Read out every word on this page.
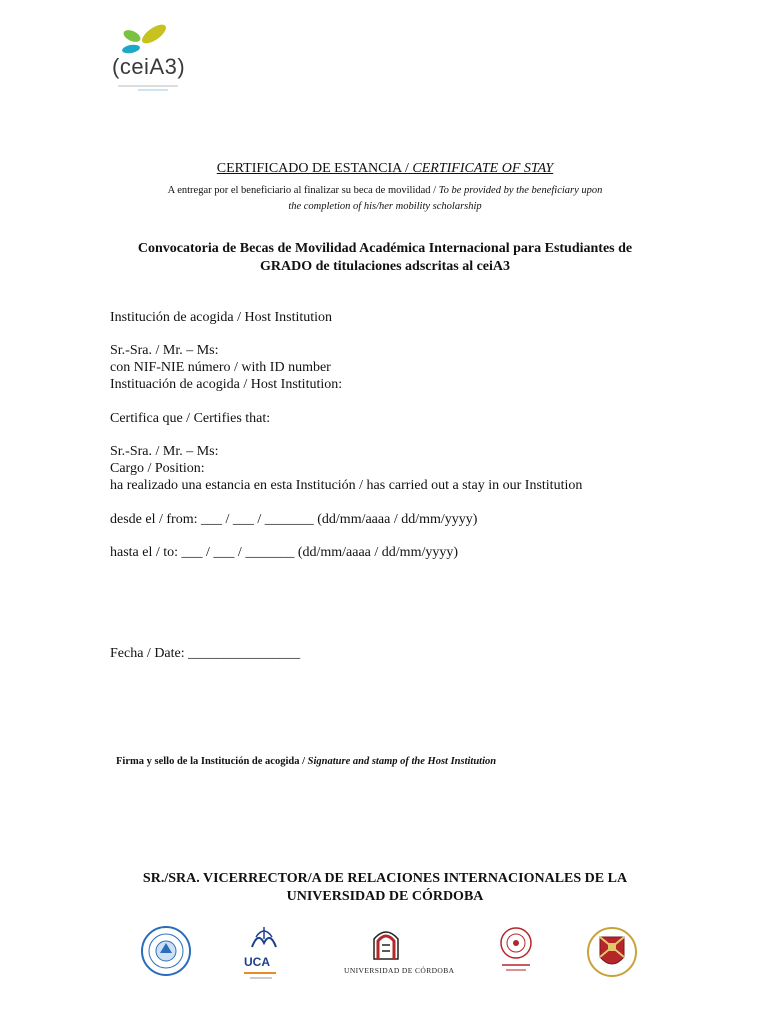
(ceiA3)
CERTIFICADO DE ESTANCIA / CERTIFICATE OF STAY
A entregar por el beneficiario al finalizar su beca de movilidad / To be provided by the beneficiary upon
the completion of his/her mobility scholarship
Convocatoria de Becas de Movilidad Académica Internacional para Estudiantes de
GRADO de titulaciones adscritas al ceiA3
Institución de acogida / Host Institution
Sr.-Sra. / Mr. – Ms:
con NIF-NIE número / with ID number
Instituación de acogida / Host Institution:
Certifica que / Certifies that:
Sr.-Sra. / Mr. – Ms:
Cargo / Position:
ha realizado una estancia en esta Institución / has carried out a stay in our Institution
desde el / from: ___ / ___ / _______ (dd/mm/aaaa / dd/mm/yyyy)
hasta el / to: ___ / ___ / _______ (dd/mm/aaaa / dd/mm/yyyy)
Fecha / Date: ________________
Firma y sello de la Institución de acogida / Signature and stamp of the Host Institution
SR./SRA. VICERRECTOR/A DE RELACIONES INTERNACIONALES DE LA
UNIVERSIDAD DE CÓRDOBA
UCA
UNIVERSIDAD DE CÓRDOBA
